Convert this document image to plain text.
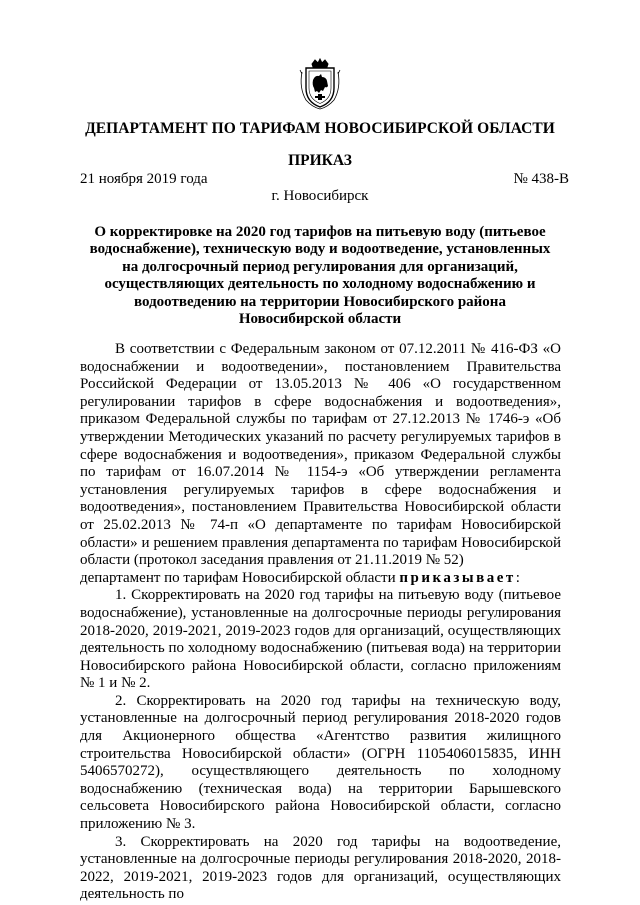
ДЕПАРТАМЕНТ ПО ТАРИФАМ НОВОСИБИРСКОЙ ОБЛАСТИ
ПРИКАЗ
21 ноября 2019 года	№ 438-В
г. Новосибирск
О корректировке на 2020 год тарифов на питьевую воду (питьевое водоснабжение), техническую воду и водоотведение, установленных на долгосрочный период регулирования для организаций, осуществляющих деятельность по холодному водоснабжению и водоотведению на территории Новосибирского района Новосибирской области

В соответствии с Федеральным законом от 07.12.2011 № 416-ФЗ «О водоснабжении и водоотведении», постановлением Правительства Российской Федерации от 13.05.2013 № 406 «О государственном регулировании тарифов в сфере водоснабжения и водоотведения», приказом Федеральной службы по тарифам от 27.12.2013 № 1746-э «Об утверждении Методических указаний по расчету регулируемых тарифов в сфере водоснабжения и водоотведения», приказом Федеральной службы по тарифам от 16.07.2014 № 1154-э «Об утверждении регламента установления регулируемых тарифов в сфере водоснабжения и водоотведения», постановлением Правительства Новосибирской области от 25.02.2013 № 74-п «О департаменте по тарифам Новосибирской области» и решением правления департамента по тарифам Новосибирской области (протокол заседания правления от 21.11.2019 № 52)

департамент по тарифам Новосибирской области приказывает:

1. Скорректировать на 2020 год тарифы на питьевую воду (питьевое водоснабжение), установленные на долгосрочные периоды регулирования 2018-2020, 2019-2021, 2019-2023 годов для организаций, осуществляющих деятельность по холодному водоснабжению (питьевая вода) на территории Новосибирского района Новосибирской области, согласно приложениям № 1 и № 2.

2. Скорректировать на 2020 год тарифы на техническую воду, установленные на долгосрочный период регулирования 2018-2020 годов для Акционерного общества «Агентство развития жилищного строительства Новосибирской области» (ОГРН 1105406015835, ИНН 5406570272), осуществляющего деятельность по холодному водоснабжению (техническая вода) на территории Барышевского сельсовета Новосибирского района Новосибирской области, согласно приложению № 3.

3. Скорректировать на 2020 год тарифы на водоотведение, установленные на долгосрочные периоды регулирования 2018-2020, 2018-2022, 2019-2021, 2019-2023 годов для организаций, осуществляющих деятельность по
